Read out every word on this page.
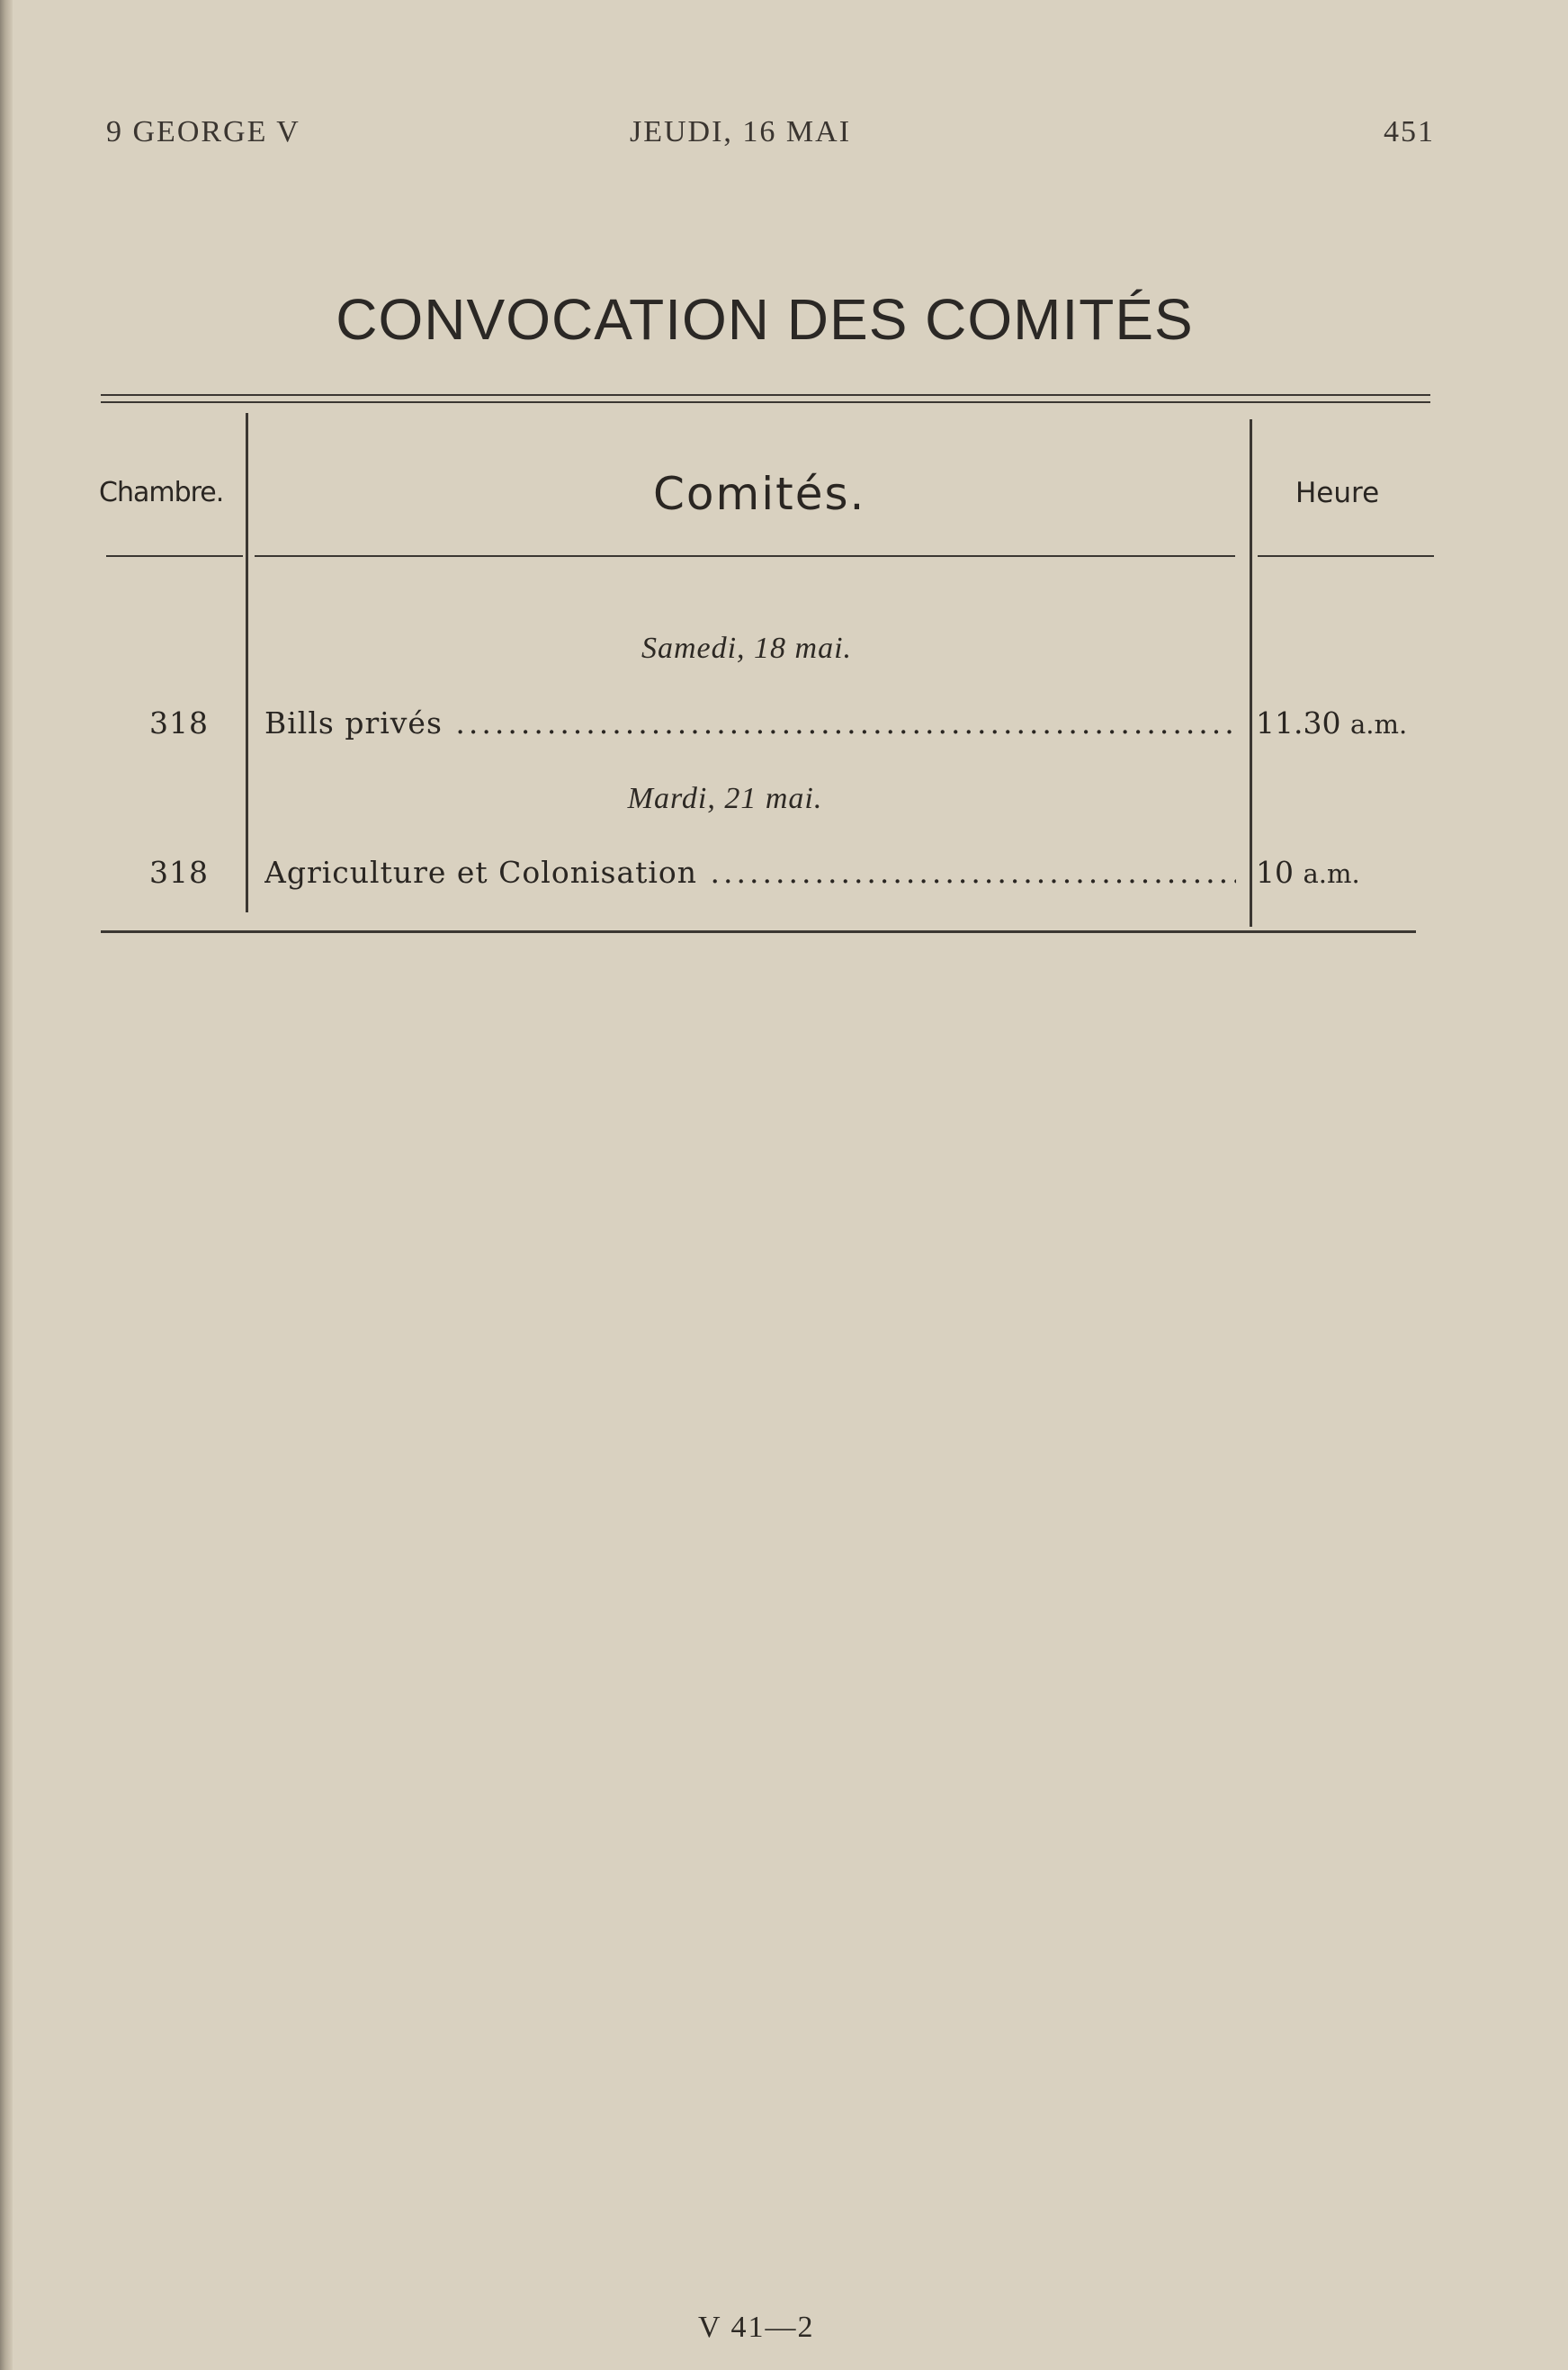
9 GEORGE V	JEUDI, 16 MAI	451
CONVOCATION DES COMITÉS
Chambre.	Comités.	Heure
Samedi, 18 mai.
318 Bills privés .....	11.30 a.m.
Mardi, 21 mai.
318 Agriculture et Colonisation .....	10 a.m.
V 41—2
